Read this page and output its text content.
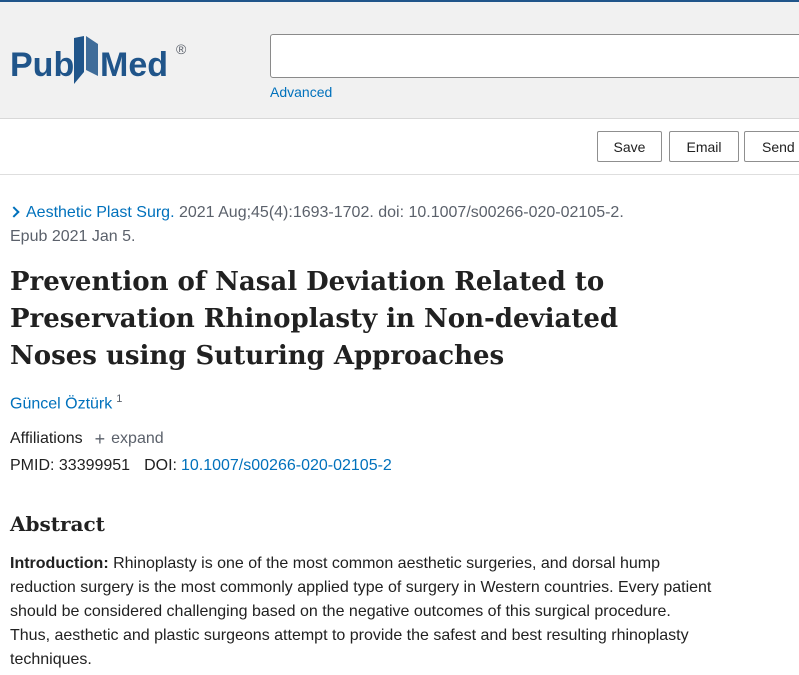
Pub Med ®
Advanced
Save	Email	Send
Aesthetic Plast Surg. 2021 Aug;45(4):1693-1702. doi: 10.1007/s00266-020-02105-2.
Epub 2021 Jan 5.
Prevention of Nasal Deviation Related to Preservation Rhinoplasty in Non-deviated Noses using Suturing Approaches
Güncel Öztürk $^1$
Affiliations + expand
PMID: 33399951 DOI: 10.1007/s00266-020-02105-2
Abstract

Introduction: Rhinoplasty is one of the most common aesthetic surgeries, and dorsal hump reduction surgery is the most commonly applied type of surgery in Western countries. Every patient should be considered challenging based on the negative outcomes of this surgical procedure. Thus, aesthetic and plastic surgeons attempt to provide the safest and best resulting rhinoplasty techniques.
